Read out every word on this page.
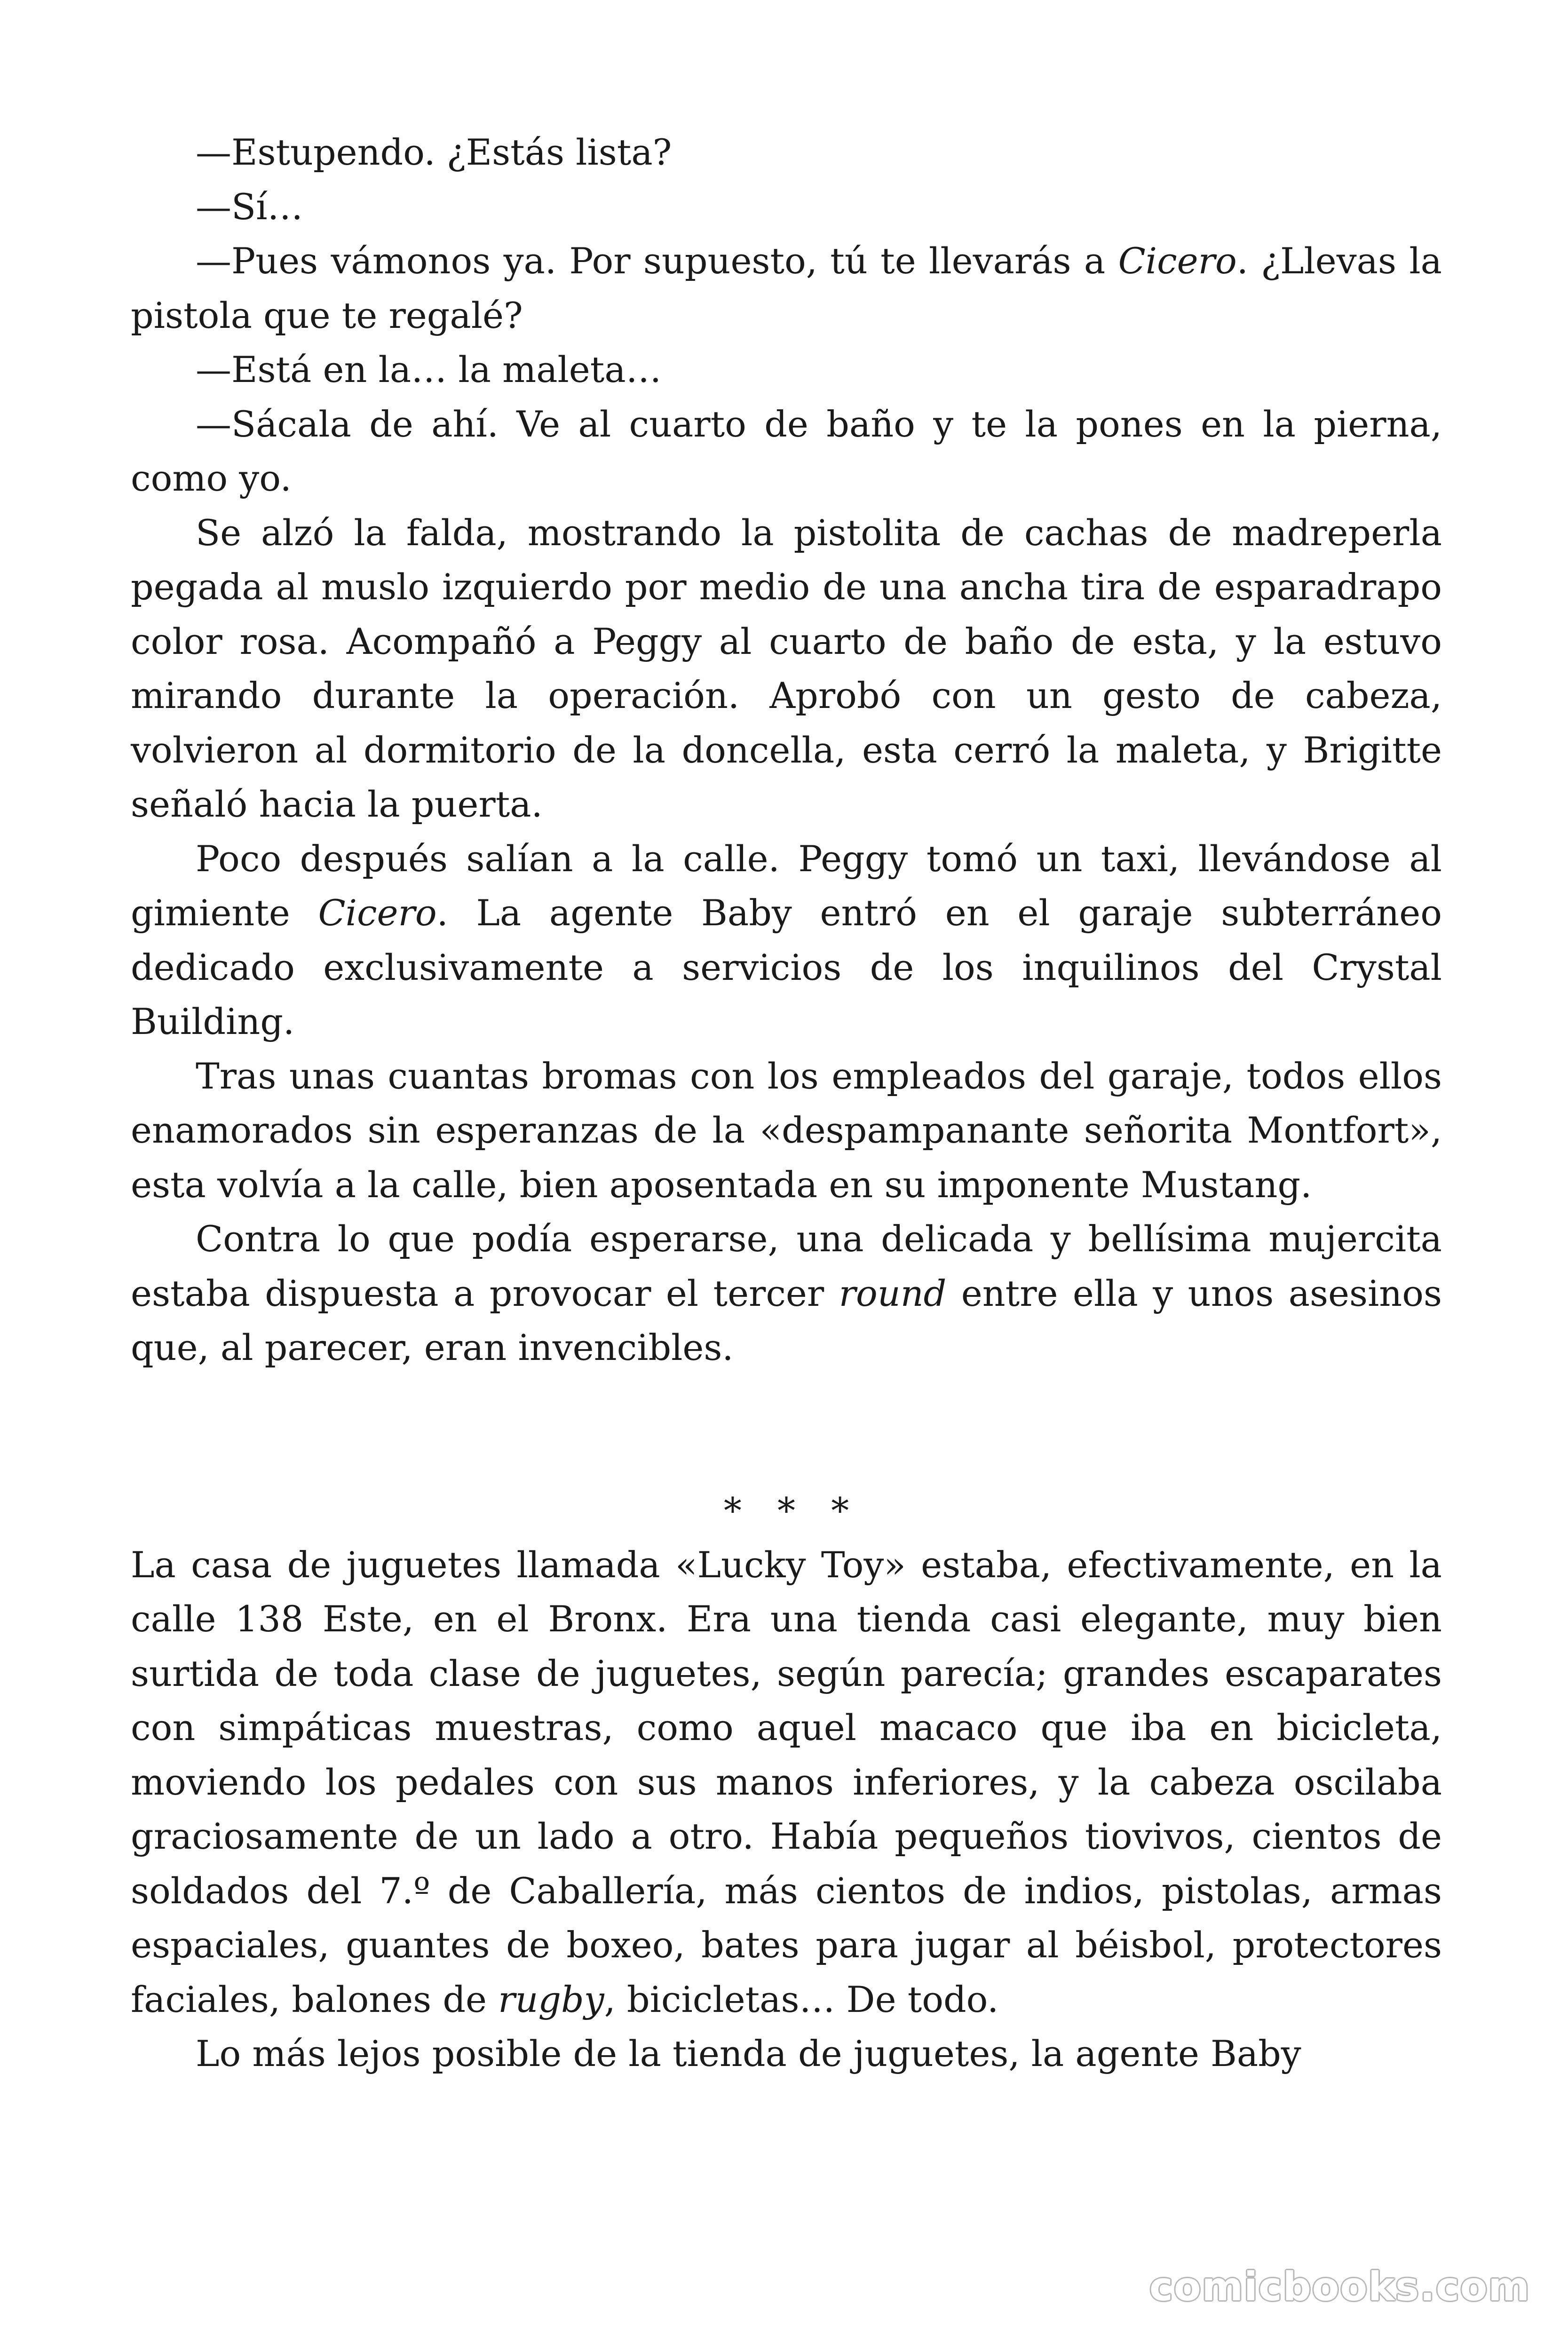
—Estupendo. ¿Estás lista?

—Sí…

—Pues vámonos ya. Por supuesto, tú te llevarás a Cicero. ¿Llevas la pistola que te regalé?

—Está en la… la maleta…

—Sácala de ahí. Ve al cuarto de baño y te la pones en la pierna, como yo.

Se alzó la falda, mostrando la pistolita de cachas de madreperla pegada al muslo izquierdo por medio de una ancha tira de esparadrapo color rosa. Acompañó a Peggy al cuarto de baño de esta, y la estuvo mirando durante la operación. Aprobó con un gesto de cabeza, volvieron al dormitorio de la doncella, esta cerró la maleta, y Brigitte señaló hacia la puerta.

Poco después salían a la calle. Peggy tomó un taxi, llevándose al gimiente Cicero. La agente Baby entró en el garaje subterráneo dedicado exclusivamente a servicios de los inquilinos del Crystal Building.

Tras unas cuantas bromas con los empleados del garaje, todos ellos enamorados sin esperanzas de la «despampanante señorita Montfort», esta volvía a la calle, bien aposentada en su imponente Mustang.

Contra lo que podía esperarse, una delicada y bellísima mujercita estaba dispuesta a provocar el tercer round entre ella y unos asesinos que, al parecer, eran invencibles.

* * *

La casa de juguetes llamada «Lucky Toy» estaba, efectivamente, en la calle 138 Este, en el Bronx. Era una tienda casi elegante, muy bien surtida de toda clase de juguetes, según parecía; grandes escaparates con simpáticas muestras, como aquel macaco que iba en bicicleta, moviendo los pedales con sus manos inferiores, y la cabeza oscilaba graciosamente de un lado a otro. Había pequeños tiovivos, cientos de soldados del 7.º de Caballería, más cientos de indios, pistolas, armas espaciales, guantes de boxeo, bates para jugar al béisbol, protectores faciales, balones de rugby, bicicletas… De todo.

Lo más lejos posible de la tienda de juguetes, la agente Baby

comicbooks.com
